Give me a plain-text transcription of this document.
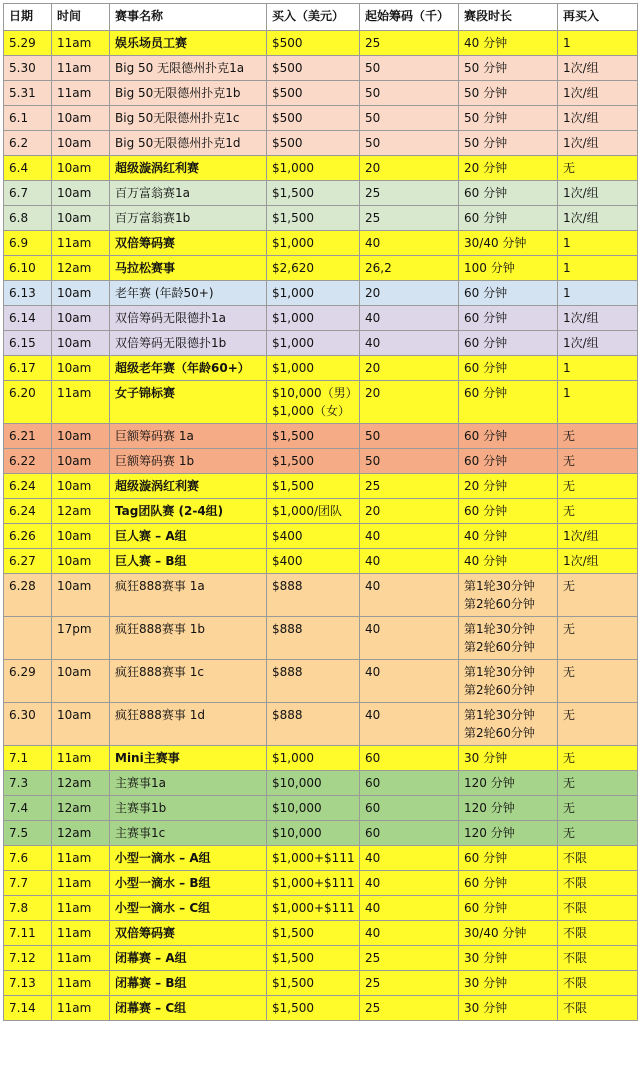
日期	时间	赛事名称	买入（美元）	起始筹码（千）	赛段时长	再买入
5.29	11am	娱乐场员工赛	$500	25	40 分钟	1
5.30	11am	Big 50 无限德州扑克1a	$500	50	50 分钟	1次/组
5.31	11am	Big 50无限德州扑克1b	$500	50	50 分钟	1次/组
6.1	10am	Big 50无限德州扑克1c	$500	50	50 分钟	1次/组
6.2	10am	Big 50无限德州扑克1d	$500	50	50 分钟	1次/组
6.4	10am	超级漩涡红利赛	$1,000	20	20 分钟	无
6.7	10am	百万富翁赛1a	$1,500	25	60 分钟	1次/组
6.8	10am	百万富翁赛1b	$1,500	25	60 分钟	1次/组
6.9	11am	双倍筹码赛	$1,000	40	30/40 分钟	1
6.10	12am	马拉松赛事	$2,620	26,2	100 分钟	1
6.13	10am	老年赛 (年龄50+)	$1,000	20	60 分钟	1
6.14	10am	双倍筹码无限德扑1a	$1,000	40	60 分钟	1次/组
6.15	10am	双倍筹码无限德扑1b	$1,000	40	60 分钟	1次/组
6.17	10am	超级老年赛（年龄60+）	$1,000	20	60 分钟	1
6.20	11am	女子锦标赛	$10,000（男）
$1,000（女）	20	60 分钟	1
6.21	10am	巨额筹码赛 1a	$1,500	50	60 分钟	无
6.22	10am	巨额筹码赛 1b	$1,500	50	60 分钟	无
6.24	10am	超级漩涡红利赛	$1,500	25	20 分钟	无
6.24	12am	Tag团队赛 (2-4组)	$1,000/团队	20	60 分钟	无
6.26	10am	巨人赛 – A组	$400	40	40 分钟	1次/组
6.27	10am	巨人赛 – B组	$400	40	40 分钟	1次/组
6.28	10am	疯狂888赛事 1a	$888	40	第1轮30分钟
第2轮60分钟	无
	17pm	疯狂888赛事 1b	$888	40	第1轮30分钟
第2轮60分钟	无
6.29	10am	疯狂888赛事 1c	$888	40	第1轮30分钟
第2轮60分钟	无
6.30	10am	疯狂888赛事 1d	$888	40	第1轮30分钟
第2轮60分钟	无
7.1	11am	Mini主赛事	$1,000	60	30 分钟	无
7.3	12am	主赛事1a	$10,000	60	120 分钟	无
7.4	12am	主赛事1b	$10,000	60	120 分钟	无
7.5	12am	主赛事1c	$10,000	60	120 分钟	无
7.6	11am	小型一滴水 – A组	$1,000+$111	40	60 分钟	不限
7.7	11am	小型一滴水 – B组	$1,000+$111	40	60 分钟	不限
7.8	11am	小型一滴水 – C组	$1,000+$111	40	60 分钟	不限
7.11	11am	双倍筹码赛	$1,500	40	30/40 分钟	不限
7.12	11am	闭幕赛 – A组	$1,500	25	30 分钟	不限
7.13	11am	闭幕赛 – B组	$1,500	25	30 分钟	不限
7.14	11am	闭幕赛 – C组	$1,500	25	30 分钟	不限
